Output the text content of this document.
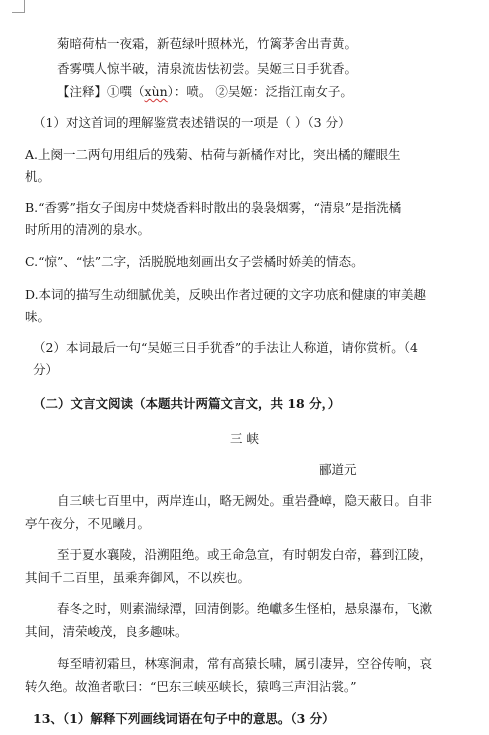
菊暗荷枯一夜霜，新苞绿叶照林光，竹篱茅舍出青黄。
香雾噀人惊半破，清泉流齿怯初尝。吴姬三日手犹香。
【注释】①噀（xùn）：喷。 ②吴姬：泛指江南女子。
（1）对这首词的理解鉴赏表述错误的一项是（ ）（3 分）
A.上阕一二两句用组后的残菊、枯荷与新橘作对比，突出橘的耀眼生
机。
B.“香雾”指女子闺房中焚烧香料时散出的袅袅烟雾，“清泉”是指洗橘
时所用的清冽的泉水。
C.“惊”、“怯”二字，活脱脱地刻画出女子尝橘时娇美的情态。
D.本词的描写生动细腻优美，反映出作者过硬的文字功底和健康的审美趣
味。
（2）本词最后一句“吴姬三日手犹香”的手法让人称道，请你赏析。（4
分）
（二）文言文阅读（本题共计两篇文言文，共 18 分，）
三 峡
郦道元
自三峡七百里中，两岸连山，略无阙处。重岩叠嶂，隐天蔽日。自非
亭午夜分，不见曦月。
至于夏水襄陵，沿溯阻绝。或王命急宣，有时朝发白帝，暮到江陵，
其间千二百里，虽乘奔御风，不以疾也。
春冬之时，则素湍绿潭，回清倒影。绝巘多生怪柏，悬泉瀑布，飞漱
其间，清荣峻茂，良多趣味。
每至晴初霜旦，林寒涧肃，常有高猿长啸，属引凄异，空谷传响，哀
转久绝。故渔者歌曰：“巴东三峡巫峡长，猿鸣三声泪沾裳。”
13、（1）解释下列画线词语在句子中的意思。（3 分）
